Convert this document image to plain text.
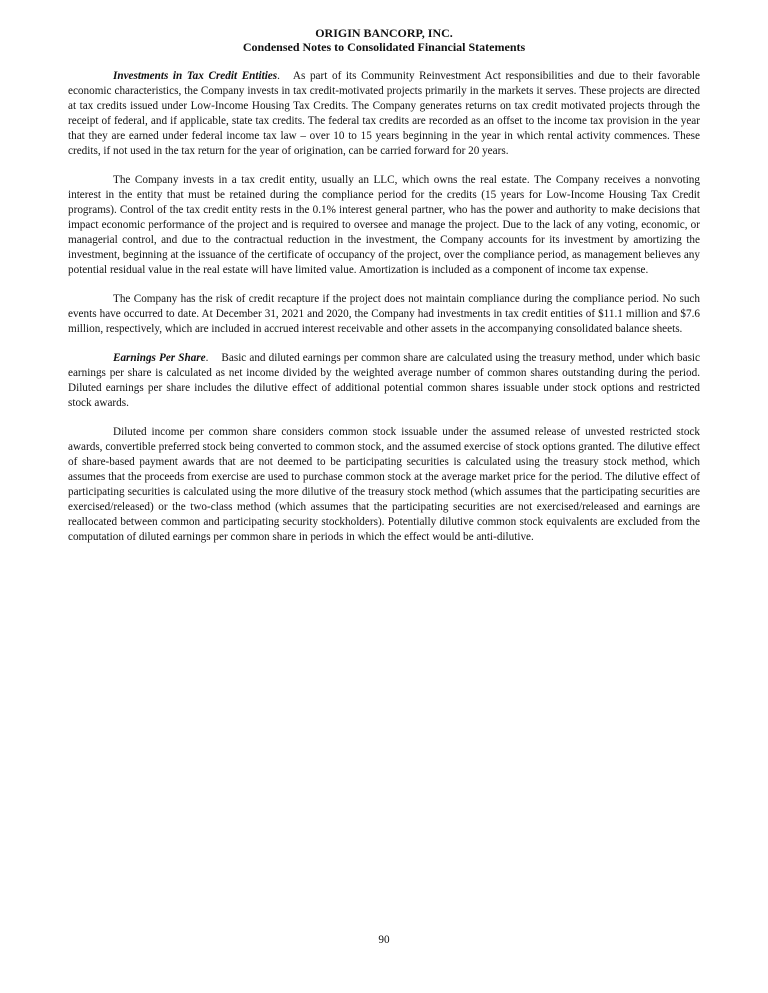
ORIGIN BANCORP, INC.
Condensed Notes to Consolidated Financial Statements

Investments in Tax Credit Entities. As part of its Community Reinvestment Act responsibilities and due to their favorable economic characteristics, the Company invests in tax credit-motivated projects primarily in the markets it serves. These projects are directed at tax credits issued under Low-Income Housing Tax Credits. The Company generates returns on tax credit motivated projects through the receipt of federal, and if applicable, state tax credits. The federal tax credits are recorded as an offset to the income tax provision in the year that they are earned under federal income tax law – over 10 to 15 years beginning in the year in which rental activity commences. These credits, if not used in the tax return for the year of origination, can be carried forward for 20 years.

The Company invests in a tax credit entity, usually an LLC, which owns the real estate. The Company receives a nonvoting interest in the entity that must be retained during the compliance period for the credits (15 years for Low-Income Housing Tax Credit programs). Control of the tax credit entity rests in the 0.1% interest general partner, who has the power and authority to make decisions that impact economic performance of the project and is required to oversee and manage the project. Due to the lack of any voting, economic, or managerial control, and due to the contractual reduction in the investment, the Company accounts for its investment by amortizing the investment, beginning at the issuance of the certificate of occupancy of the project, over the compliance period, as management believes any potential residual value in the real estate will have limited value. Amortization is included as a component of income tax expense.

The Company has the risk of credit recapture if the project does not maintain compliance during the compliance period. No such events have occurred to date. At December 31, 2021 and 2020, the Company had investments in tax credit entities of $11.1 million and $7.6 million, respectively, which are included in accrued interest receivable and other assets in the accompanying consolidated balance sheets.

Earnings Per Share. Basic and diluted earnings per common share are calculated using the treasury method, under which basic earnings per share is calculated as net income divided by the weighted average number of common shares outstanding during the period. Diluted earnings per share includes the dilutive effect of additional potential common shares issuable under stock options and restricted stock awards.

Diluted income per common share considers common stock issuable under the assumed release of unvested restricted stock awards, convertible preferred stock being converted to common stock, and the assumed exercise of stock options granted. The dilutive effect of share-based payment awards that are not deemed to be participating securities is calculated using the treasury stock method, which assumes that the proceeds from exercise are used to purchase common stock at the average market price for the period. The dilutive effect of participating securities is calculated using the more dilutive of the treasury stock method (which assumes that the participating securities are exercised/released) or the two-class method (which assumes that the participating securities are not exercised/released and earnings are reallocated between common and participating security stockholders). Potentially dilutive common stock equivalents are excluded from the computation of diluted earnings per common share in periods in which the effect would be anti-dilutive.

90
